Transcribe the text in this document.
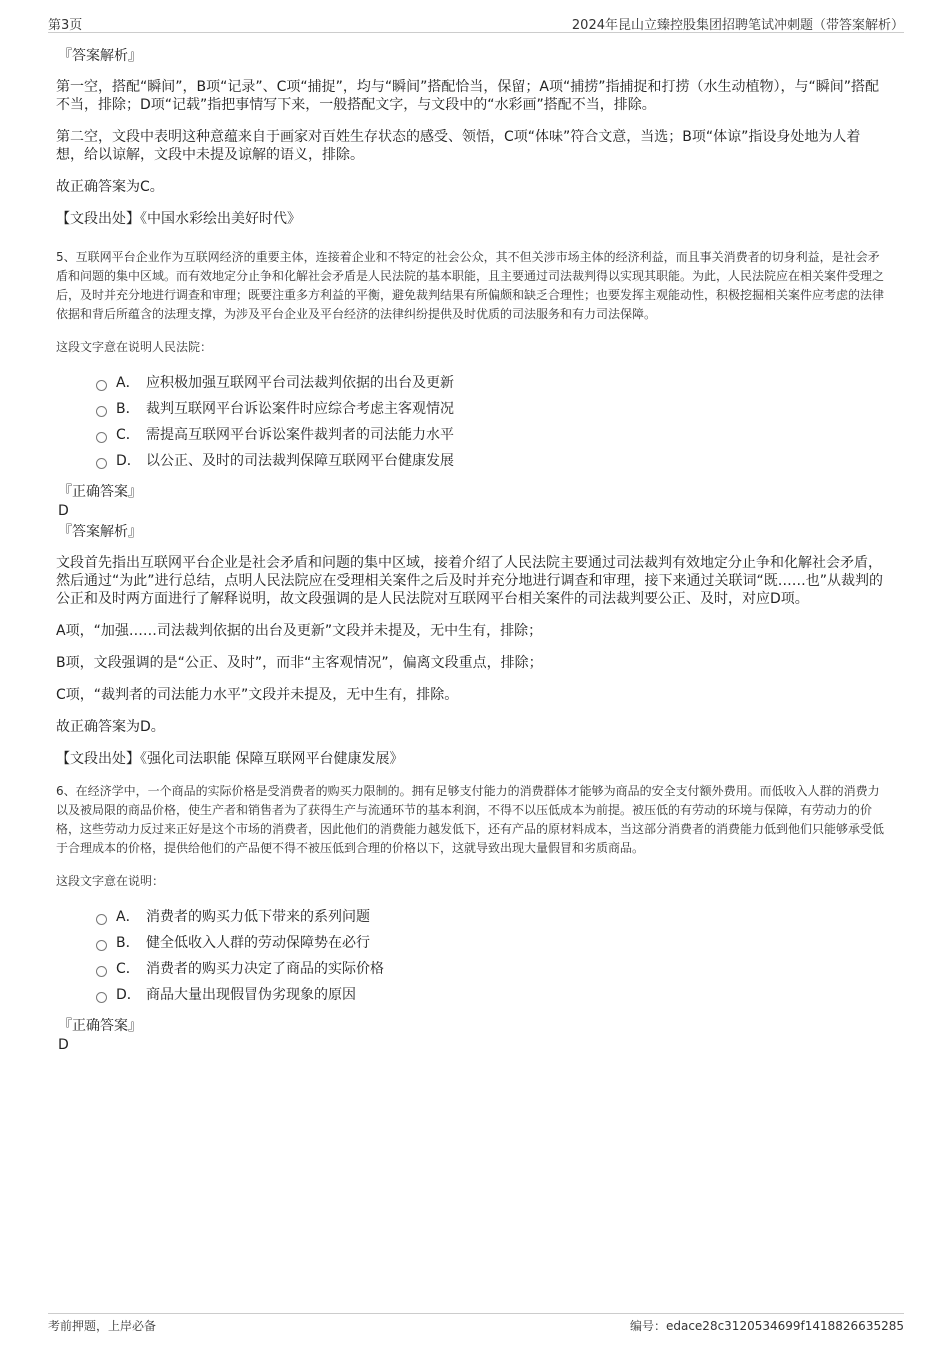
第3页	2024年昆山立臻控股集团招聘笔试冲刺题（带答案解析）
『答案解析』

第一空，搭配“瞬间”，B项“记录”、C项“捕捉”，均与“瞬间”搭配恰当，保留；A项“捕捞”指捕捉和打捞（水生动植物），与“瞬间”搭配不当，排除；D项“记载”指把事情写下来，一般搭配文字，与文段中的“水彩画”搭配不当，排除。

第二空，文段中表明这种意蕴来自于画家对百姓生存状态的感受、领悟，C项“体味”符合文意，当选；B项“体谅”指设身处地为人着想，给以谅解，文段中未提及谅解的语义，排除。

故正确答案为C。

【文段出处】《中国水彩绘出美好时代》

5、互联网平台企业作为互联网经济的重要主体，连接着企业和不特定的社会公众，其不但关涉市场主体的经济利益，而且事关消费者的切身利益，是社会矛盾和问题的集中区域。而有效地定分止争和化解社会矛盾是人民法院的基本职能，且主要通过司法裁判得以实现其职能。为此，人民法院应在相关案件受理之后，及时并充分地进行调查和审理；既要注重多方利益的平衡，避免裁判结果有所偏颇和缺乏合理性；也要发挥主观能动性，积极挖掘相关案件应考虑的法律依据和背后所蕴含的法理支撑，为涉及平台企业及平台经济的法律纠纷提供及时优质的司法服务和有力司法保障。
这段文字意在说明人民法院：
A． 应积极加强互联网平台司法裁判依据的出台及更新
B． 裁判互联网平台诉讼案件时应综合考虑主客观情况
C． 需提高互联网平台诉讼案件裁判者的司法能力水平
D． 以公正、及时的司法裁判保障互联网平台健康发展
『正确答案』
D
『答案解析』

文段首先指出互联网平台企业是社会矛盾和问题的集中区域，接着介绍了人民法院主要通过司法裁判有效地定分止争和化解社会矛盾，然后通过“为此”进行总结，点明人民法院应在受理相关案件之后及时并充分地进行调查和审理，接下来通过关联词“既……也”从裁判的公正和及时两方面进行了解释说明，故文段强调的是人民法院对互联网平台相关案件的司法裁判要公正、及时，对应D项。

A项，“加强……司法裁判依据的出台及更新”文段并未提及，无中生有，排除；

B项，文段强调的是“公正、及时”，而非“主客观情况”，偏离文段重点，排除；

C项，“裁判者的司法能力水平”文段并未提及，无中生有，排除。

故正确答案为D。

【文段出处】《强化司法职能 保障互联网平台健康发展》

6、在经济学中，一个商品的实际价格是受消费者的购买力限制的。拥有足够支付能力的消费群体才能够为商品的安全支付额外费用。而低收入人群的消费力以及被局限的商品价格，使生产者和销售者为了获得生产与流通环节的基本利润，不得不以压低成本为前提。被压低的有劳动的环境与保障，有劳动力的价格，这些劳动力反过来正好是这个市场的消费者，因此他们的消费能力越发低下，还有产品的原材料成本，当这部分消费者的消费能力低到他们只能够承受低于合理成本的价格，提供给他们的产品便不得不被压低到合理的价格以下，这就导致出现大量假冒和劣质商品。
这段文字意在说明：
A． 消费者的购买力低下带来的系列问题
B． 健全低收入人群的劳动保障势在必行
C． 消费者的购买力决定了商品的实际价格
D． 商品大量出现假冒伪劣现象的原因
『正确答案』
D
考前押题，上岸必备	编号：edace28c3120534699f1418826635285
